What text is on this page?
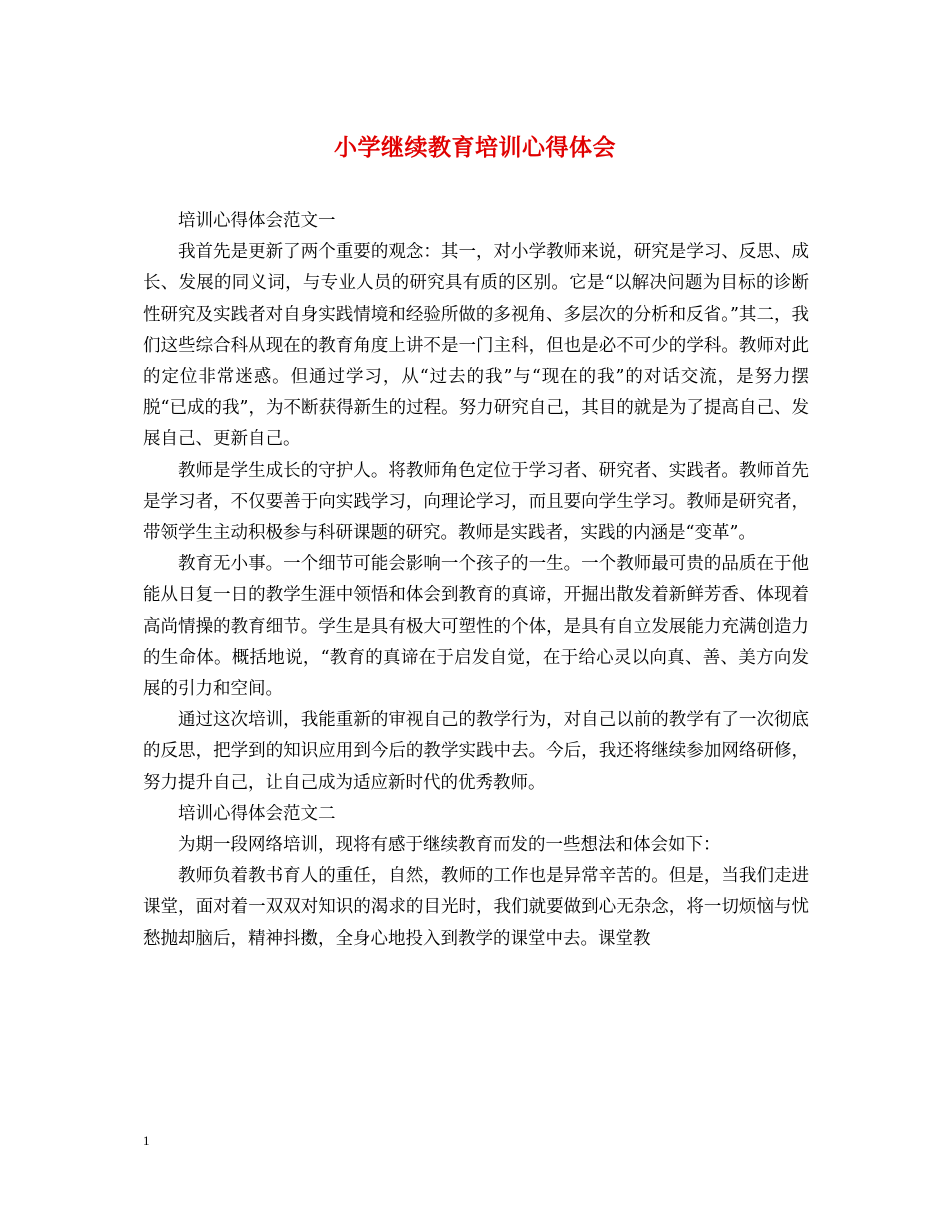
小学继续教育培训心得体会

培训心得体会范文一

我首先是更新了两个重要的观念：其一，对小学教师来说，研究是学习、反思、成长、发展的同义词，与专业人员的研究具有质的区别。它是“以解决问题为目标的诊断性研究及实践者对自身实践情境和经验所做的多视角、多层次的分析和反省。”其二，我们这些综合科从现在的教育角度上讲不是一门主科，但也是必不可少的学科。教师对此的定位非常迷惑。但通过学习，从“过去的我”与“现在的我”的对话交流，是努力摆脱“已成的我”，为不断获得新生的过程。努力研究自己，其目的就是为了提高自己、发展自己、更新自己。

教师是学生成长的守护人。将教师角色定位于学习者、研究者、实践者。教师首先是学习者，不仅要善于向实践学习，向理论学习，而且要向学生学习。教师是研究者，带领学生主动积极参与科研课题的研究。教师是实践者，实践的内涵是“变革”。

教育无小事。一个细节可能会影响一个孩子的一生。一个教师最可贵的品质在于他能从日复一日的教学生涯中领悟和体会到教育的真谛，开掘出散发着新鲜芳香、体现着高尚情操的教育细节。学生是具有极大可塑性的个体，是具有自立发展能力充满创造力的生命体。概括地说，“教育的真谛在于启发自觉，在于给心灵以向真、善、美方向发展的引力和空间。

通过这次培训，我能重新的审视自己的教学行为，对自己以前的教学有了一次彻底的反思，把学到的知识应用到今后的教学实践中去。今后，我还将继续参加网络研修，努力提升自己，让自己成为适应新时代的优秀教师。

培训心得体会范文二

为期一段网络培训，现将有感于继续教育而发的一些想法和体会如下：

教师负着教书育人的重任，自然，教师的工作也是异常辛苦的。但是，当我们走进课堂，面对着一双双对知识的渴求的目光时，我们就要做到心无杂念，将一切烦恼与忧愁抛却脑后，精神抖擞，全身心地投入到教学的课堂中去。课堂教

1
